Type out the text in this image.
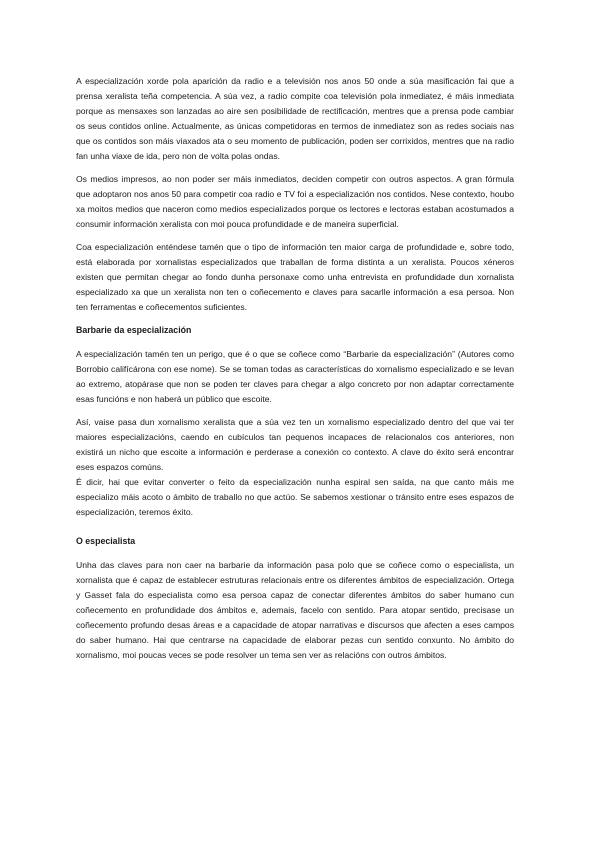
A especialización xorde pola aparición da radio e a televisión nos anos 50 onde a súa masificación fai que a prensa xeralista teña competencia. A súa vez, a radio compite coa televisión pola inmediatez, é máis inmediata porque as mensaxes son lanzadas ao aire sen posibilidade de rectificación, mentres que a prensa pode cambiar os seus contidos online. Actualmente, as únicas competidoras en termos de inmediatez son as redes sociais nas que os contidos son máis viaxados ata o seu momento de publicación, poden ser corrixidos, mentres que na radio fan unha viaxe de ida, pero non de volta polas ondas.

Os medios impresos, ao non poder ser máis inmediatos, deciden competir con outros aspectos. A gran fórmula que adoptaron nos anos 50 para competir coa radio e TV foi a especialización nos contidos. Nese contexto, houbo xa moitos medios que naceron como medios especializados porque os lectores e lectoras estaban acostumados a consumir información xeralista con moi pouca profundidade e de maneira superficial.

Coa especialización enténdese tamén que o tipo de información ten maior carga de profundidade e, sobre todo, está elaborada por xornalistas especializados que traballan de forma distinta a un xeralista. Poucos xéneros existen que permitan chegar ao fondo dunha personaxe como unha entrevista en profundidade dun xornalista especializado xa que un xeralista non ten o coñecemento e claves para sacarlle información a esa persoa. Non ten ferramentas e coñecementos suficientes.

Barbarie da especialización

A especialización tamén ten un perigo, que é o que se coñece como “Barbarie da especialización” (Autores como Borrobio califícárona con ese nome). Se se toman todas as características do xornalismo especializado e se levan ao extremo, atopárase que non se poden ter claves para chegar a algo concreto por non adaptar correctamente esas funcións e non haberá un público que escoite.

Así, vaise pasa dun xornalismo xeralista que a súa vez ten un xornalismo especializado dentro del que vai ter maiores especializacións, caendo en cubículos tan pequenos incapaces de relacionalos cos anteriores, non existirá un nicho que escoite a información e perderase a conexión co contexto. A clave do éxito será encontrar eses espazos comúns.

É dicir, hai que evitar converter o feito da especialización nunha espiral sen saída, na que canto máis me especializo máis acoto o ámbito de traballo no que actúo. Se sabemos xestionar o tránsito entre eses espazos de especialización, teremos éxito.

O especialista

Unha das claves para non caer na barbarie da información pasa polo que se coñece como o especialista, un xornalista que é capaz de establecer estruturas relacionais entre os diferentes ámbitos de especialización. Ortega y Gasset fala do especialista como esa persoa capaz de conectar diferentes ámbitos do saber humano cun coñecemento en profundidade dos ámbitos e, ademais, facelo con sentido. Para atopar sentido, precisase un coñecemento profundo desas áreas e a capacidade de atopar narrativas e discursos que afecten a eses campos do saber humano. Hai que centrarse na capacidade de elaborar pezas cun sentido conxunto. No ámbito do xornalismo, moi poucas veces se pode resolver un tema sen ver as relacións con outros ámbitos.
